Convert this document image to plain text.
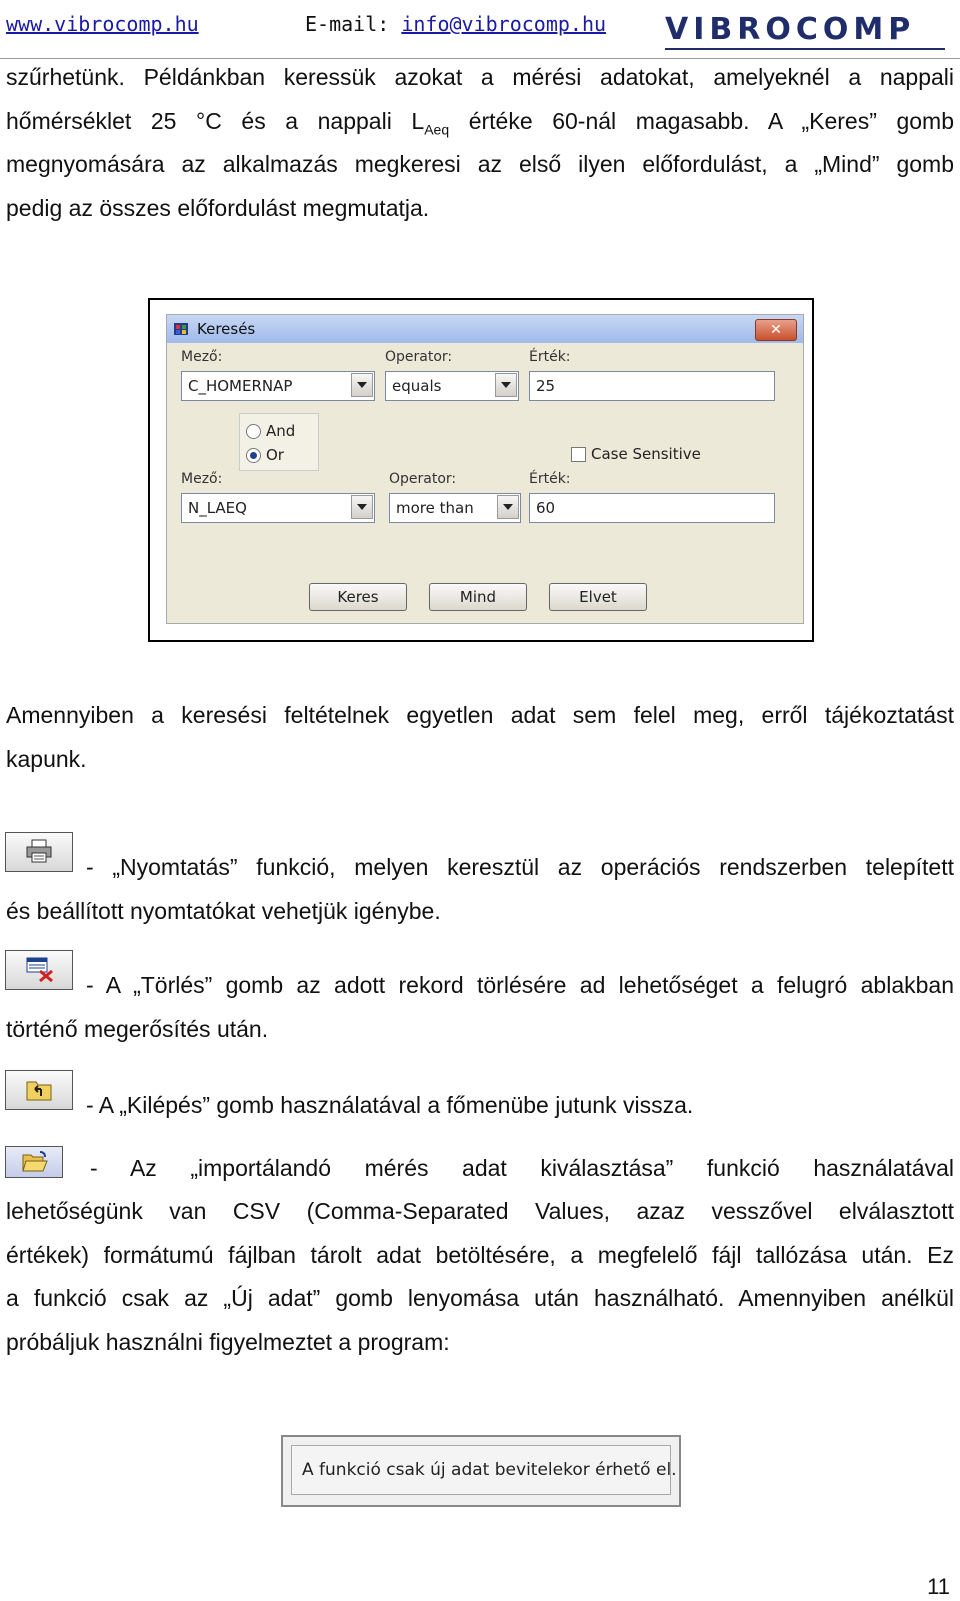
www.vibrocomp.hu	E-mail: info@vibrocomp.hu VIBROCOMP
szűrhetünk. Példánkban keressük azokat a mérési adatokat, amelyeknél a nappali
hőmérséklet 25 °C és a nappali $L_{Aeq}$ értéke 60-nál magasabb. A „Keres” gomb
megnyomására az alkalmazás megkeresi az első ilyen előfordulást, a „Mind” gomb
pedig az összes előfordulást megmutatja.
Keresés	✕
Mező:	Operator:	Érték:
C_HOMERNAP	equals	25
And
Or	Case Sensitive
Mező:	Operator:	Érték:
N_LAEQ	more than	60
Keres	Mind	Elvet
Amennyiben a keresési feltételnek egyetlen adat sem felel meg, erről tájékoztatást
kapunk.
- „Nyomtatás” funkció, melyen keresztül az operációs rendszerben telepített
és beállított nyomtatókat vehetjük igénybe.
- A „Törlés” gomb az adott rekord törlésére ad lehetőséget a felugró ablakban
történő megerősítés után.
- A „Kilépés” gomb használatával a főmenübe jutunk vissza.
- Az „importálandó mérés adat kiválasztása” funkció használatával
lehetőségünk van CSV (Comma-Separated Values, azaz vesszővel elválasztott
értékek) formátumú fájlban tárolt adat betöltésére, a megfelelő fájl tallózása után. Ez
a funkció csak az „Új adat” gomb lenyomása után használható. Amennyiben anélkül
próbáljuk használni figyelmeztet a program:
A funkció csak új adat bevitelekor érhető el.
11
